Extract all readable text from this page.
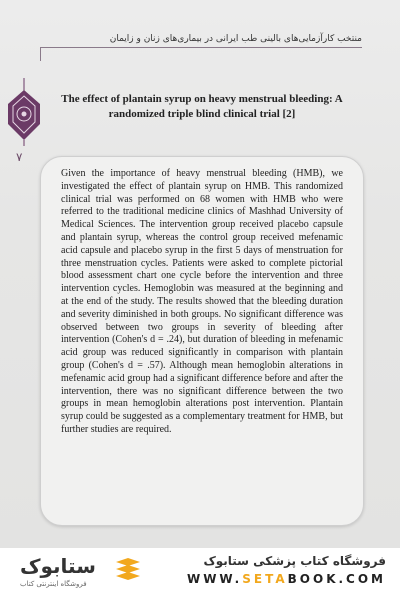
منتخب کارآزمایی‌های بالینی طب ایرانی در بیماری‌های زنان و زایمان
۷
The effect of plantain syrup on heavy menstrual bleeding: A randomized triple blind clinical trial [2]

Given the importance of heavy menstrual bleeding (HMB), we investigated the effect of plantain syrup on HMB. This randomized clinical trial was performed on 68 women with HMB who were referred to the traditional medicine clinics of Mashhad University of Medical Sciences. The intervention group received placebo capsule and plantain syrup, whereas the control group received mefenamic acid capsule and placebo syrup in the first 5 days of menstruation for three menstruation cycles. Patients were asked to complete pictorial blood assessment chart one cycle before the intervention and three intervention cycles. Hemoglobin was measured at the beginning and at the end of the study. The results showed that the bleeding duration and severity diminished in both groups. No significant difference was observed between two groups in severity of bleeding after intervention (Cohen's d = .24), but duration of bleeding in mefenamic acid group was reduced significantly in comparison with plantain group (Cohen's d = .57). Although mean hemoglobin alterations in mefenamic acid group had a significant difference before and after the intervention, there was no significant difference between the two groups in mean hemoglobin alterations post intervention. Plantain syrup could be suggested as a complementary treatment for HMB, but further studies are required.

ستابوک
فروشگاه اینترنتی کتاب
فروشگاه کتاب پزشکی ستابوک
WWW.SETABOOK.COM
